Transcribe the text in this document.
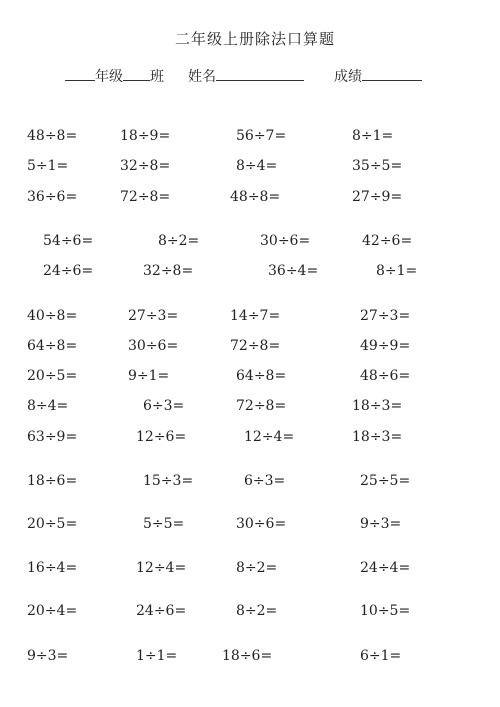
二年级上册除法口算题
年级 班 姓名	成绩
48÷8=	18÷9=	56÷7=	8÷1=
5÷1=	32÷8=	8÷4=	35÷5=
36÷6=	72÷8=	48÷8=	27÷9=
54÷6=	8÷2=	30÷6=	42÷6=
24÷6=	32÷8=	36÷4=	8÷1=
40÷8=	27÷3=	14÷7=	27÷3=
64÷8=	30÷6=	72÷8=	49÷9=
20÷5=	9÷1=	64÷8=	48÷6=
8÷4=	6÷3=	72÷8=	18÷3=
63÷9=	12÷6=	12÷4=	18÷3=
18÷6=	15÷3=	6÷3=	25÷5=
20÷5=	5÷5=	30÷6=	9÷3=
16÷4=	12÷4=	8÷2=	24÷4=
20÷4=	24÷6=	8÷2=	10÷5=
9÷3=	1÷1=	18÷6=	6÷1=
